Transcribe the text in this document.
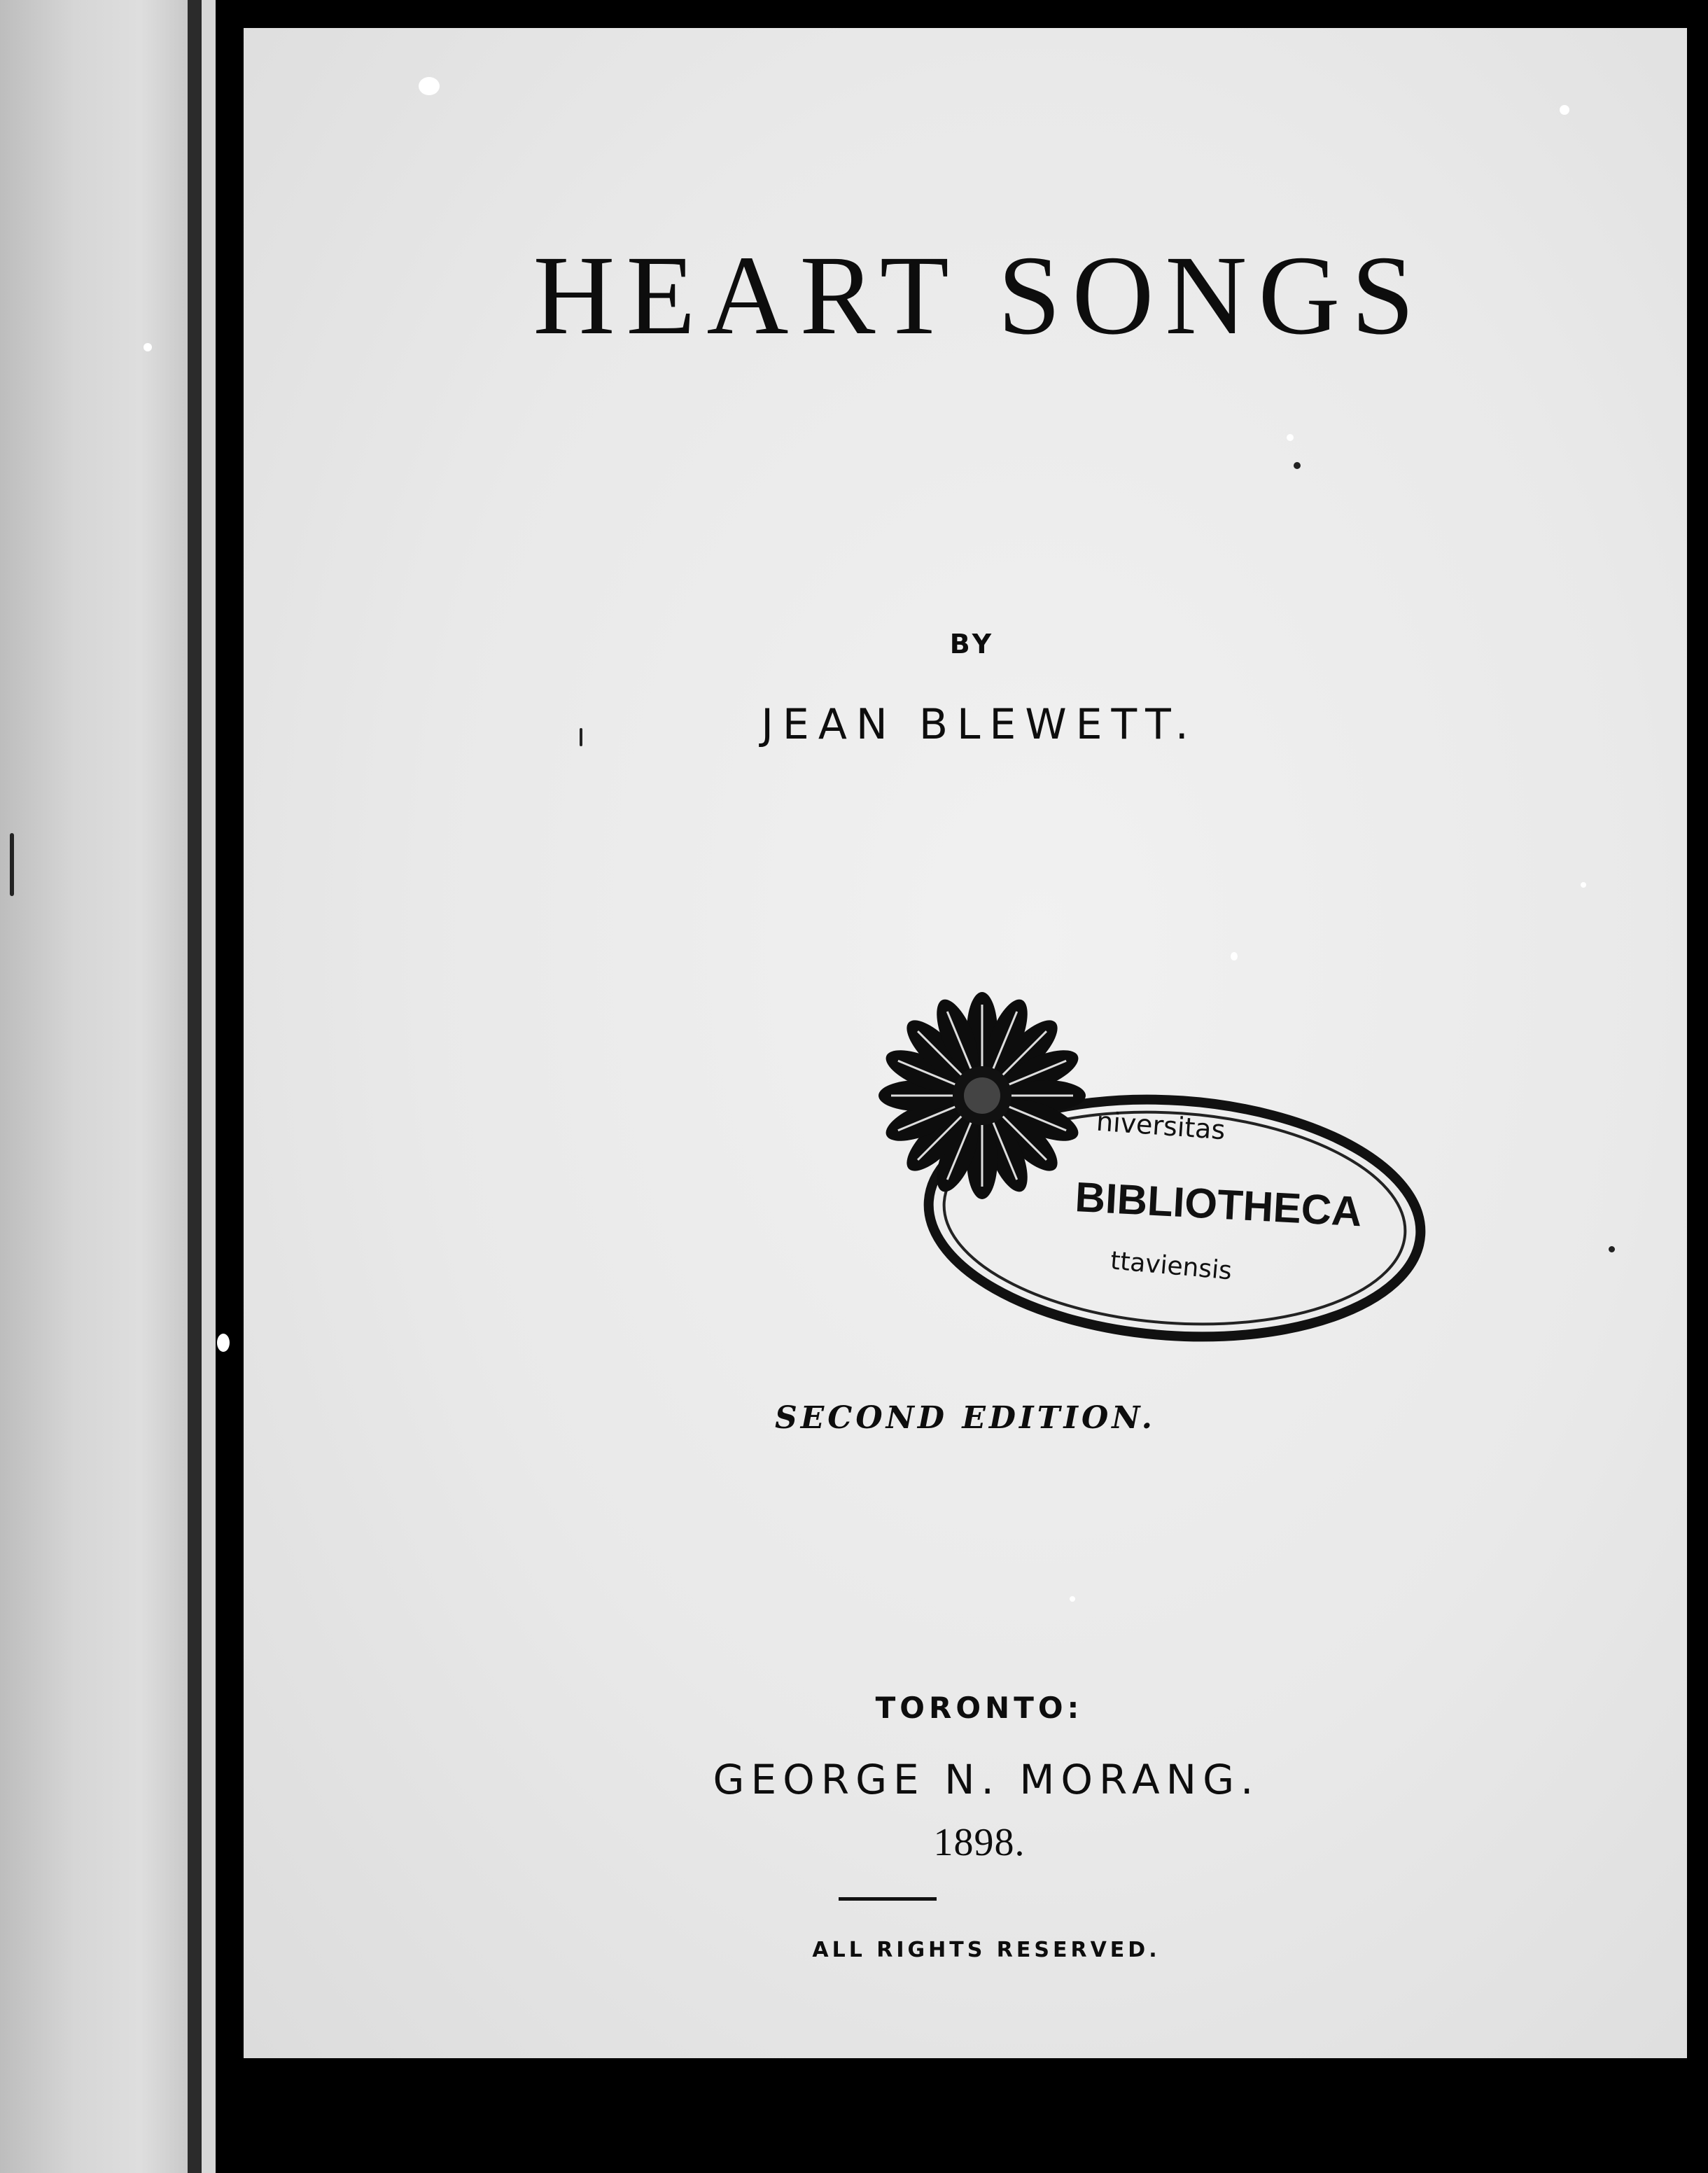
HEART SONGS
BY
JEAN BLEWETT.
niversitas
BIBLIOTHECA
ttaviensis
SECOND EDITION.
TORONTO:
GEORGE N. MORANG.
1898.
ALL RIGHTS RESERVED.
